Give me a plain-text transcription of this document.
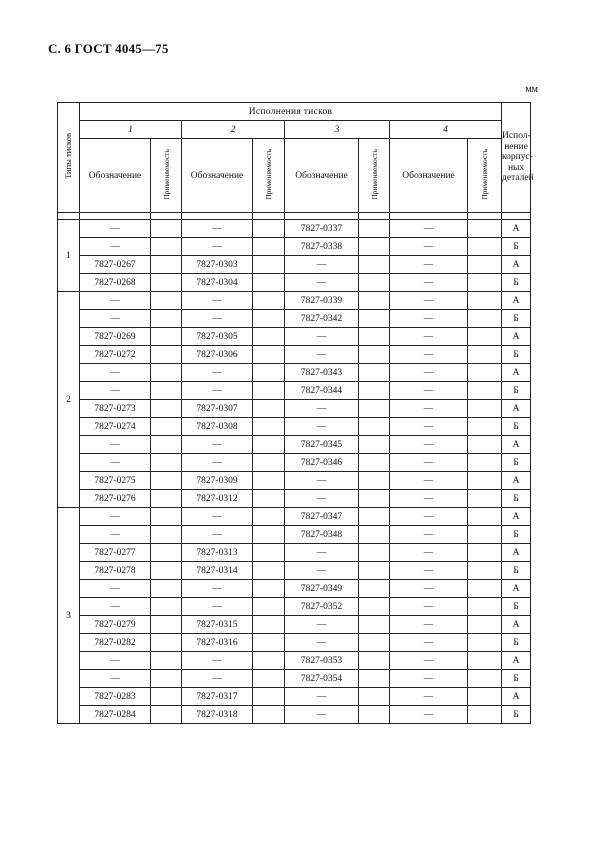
С. 6 ГОСТ 4045—75
мм
Типы тисков	Исполнения тисков								Исполнение корпусных деталей
	1		2		3		4		
	Обозначение	Применяемость	Обозначение	Применяемость	Обозначение	Применяемость	Обозначение	Применяемость	

1	—		—		7827-0337		—		А
	—		—		7827-0338		—		Б
	7827-0267		7827-0303		—		—		А
	7827-0268		7827-0304		—		—		Б
2	—		—		7827-0339		—		А
	—		—		7827-0342		—		Б
	7827-0269		7827-0305		—		—		А
	7827-0272		7827-0306		—		—		Б
	—		—		7827-0343		—		А
	—		—		7827-0344		—		Б
	7827-0273		7827-0307		—		—		А
	7827-0274		7827-0308		—		—		Б
	—		—		7827-0345		—		А
	—		—		7827-0346		—		Б
	7827-0275		7827-0309		—		—		А
	7827-0276		7827-0312		—		—		Б
3	—		—		7827-0347		—		А
	—		—		7827-0348		—		Б
	7827-0277		7827-0313		—		—		А
	7827-0278		7827-0314		—		—		Б
	—		—		7827-0349		—		А
	—		—		7827-0352		—		Б
	7827-0279		7827-0315		—		—		А
	7827-0282		7827-0316		—		—		Б
	—		—		7827-0353		—		А
	—		—		7827-0354		—		Б
	7827-0283		7827-0317		—		—		А
	7827-0284		7827-0318		—		—		Б
